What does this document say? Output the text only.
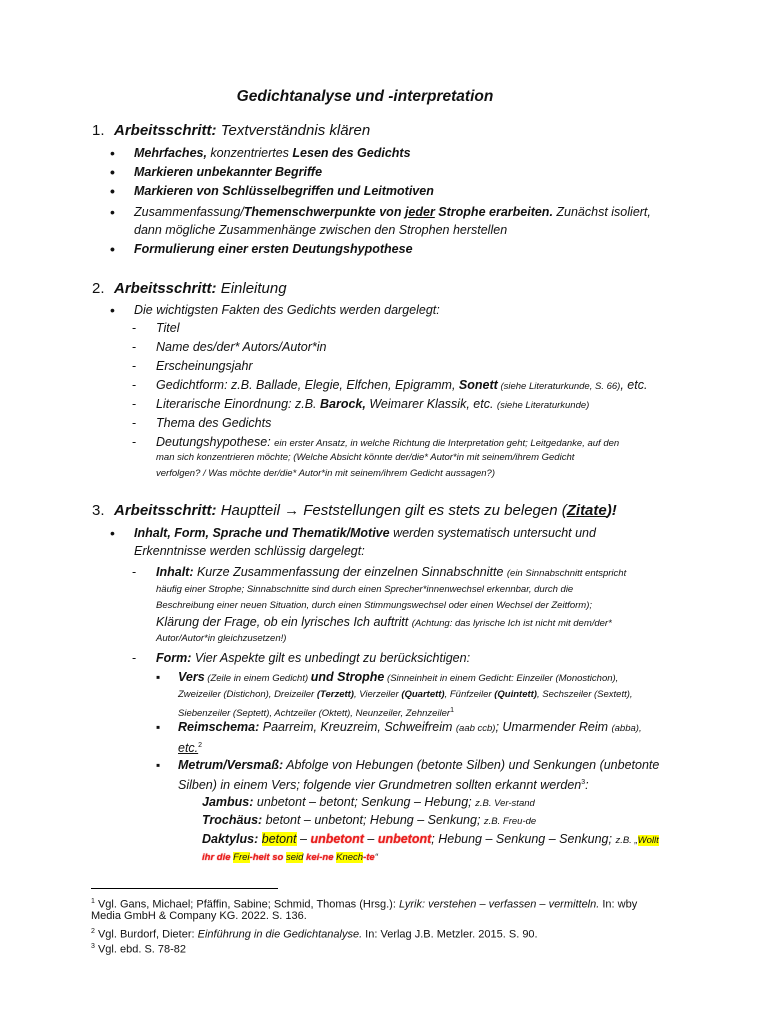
Gedichtanalyse und -interpretation
1. Arbeitsschritt: Textverständnis klären
• Mehrfaches, konzentriertes Lesen des Gedichts
• Markieren unbekannter Begriffe
• Markieren von Schlüsselbegriffen und Leitmotiven
• Zusammenfassung/Themenschwerpunkte von jeder Strophe erarbeiten. Zunächst isoliert,
dann mögliche Zusammenhänge zwischen den Strophen herstellen
• Formulierung einer ersten Deutungshypothese
2. Arbeitsschritt: Einleitung
• Die wichtigsten Fakten des Gedichts werden dargelegt:
- Titel
- Name des/der* Autors/Autor*in
- Erscheinungsjahr
- Gedichtform: z.B. Ballade, Elegie, Elfchen, Epigramm, Sonett (siehe Literaturkunde, S. 66), etc.
- Literarische Einordnung: z.B. Barock, Weimarer Klassik, etc. (siehe Literaturkunde)
- Thema des Gedichts
- Deutungshypothese: ein erster Ansatz, in welche Richtung die Interpretation geht; Leitgedanke, auf den
man sich konzentrieren möchte; (Welche Absicht könnte der/die* Autor*in mit seinem/ihrem Gedicht
verfolgen? / Was möchte der/die* Autor*in mit seinem/ihrem Gedicht aussagen?)
3. Arbeitsschritt: Hauptteil → Feststellungen gilt es stets zu belegen (Zitate)!
• Inhalt, Form, Sprache und Thematik/Motive werden systematisch untersucht und
Erkenntnisse werden schlüssig dargelegt:
- Inhalt: Kurze Zusammenfassung der einzelnen Sinnabschnitte (ein Sinnabschnitt entspricht
häufig einer Strophe; Sinnabschnitte sind durch einen Sprecher*innenwechsel erkennbar, durch die
Beschreibung einer neuen Situation, durch einen Stimmungswechsel oder einen Wechsel der Zeitform);
Klärung der Frage, ob ein lyrisches Ich auftritt (Achtung: das lyrische Ich ist nicht mit dem/der*
Autor/Autor*in gleichzusetzen!)
- Form: Vier Aspekte gilt es unbedingt zu berücksichtigen:
▪ Vers (Zeile in einem Gedicht) und Strophe (Sinneinheit in einem Gedicht: Einzeiler (Monostichon),
Zweizeiler (Distichon), Dreizeiler (Terzett), Vierzeiler (Quartett), Fünfzeiler (Quintett), Sechszeiler (Sextett),
Siebenzeiler (Septett), Achtzeiler (Oktett), Neunzeiler, Zehnzeiler$^1$
▪ Reimschema: Paarreim, Kreuzreim, Schweifreim (aab ccb); Umarmender Reim (abba),
etc.$^2$
▪ Metrum/Versmaß: Abfolge von Hebungen (betonte Silben) und Senkungen (unbetonte
Silben) in einem Vers; folgende vier Grundmetren sollten erkannt werden$^3$:
Jambus: unbetont – betont; Senkung – Hebung; z.B. Ver-stand
Trochäus: betont – unbetont; Hebung – Senkung; z.B. Freu-de
Daktylus: betont – unbetont – unbetont; Hebung – Senkung – Senkung; z.B. „Wollt
ihr die Frei-heit so seid kei-ne Knech-te“
$^1$ Vgl. Gans, Michael; Pfäffin, Sabine; Schmid, Thomas (Hrsg.): Lyrik: verstehen – verfassen – vermitteln. In: wby
Media GmbH & Company KG. 2022. S. 136.
$^2$ Vgl. Burdorf, Dieter: Einführung in die Gedichtanalyse. In: Verlag J.B. Metzler. 2015. S. 90.
$^3$ Vgl. ebd. S. 78-82
